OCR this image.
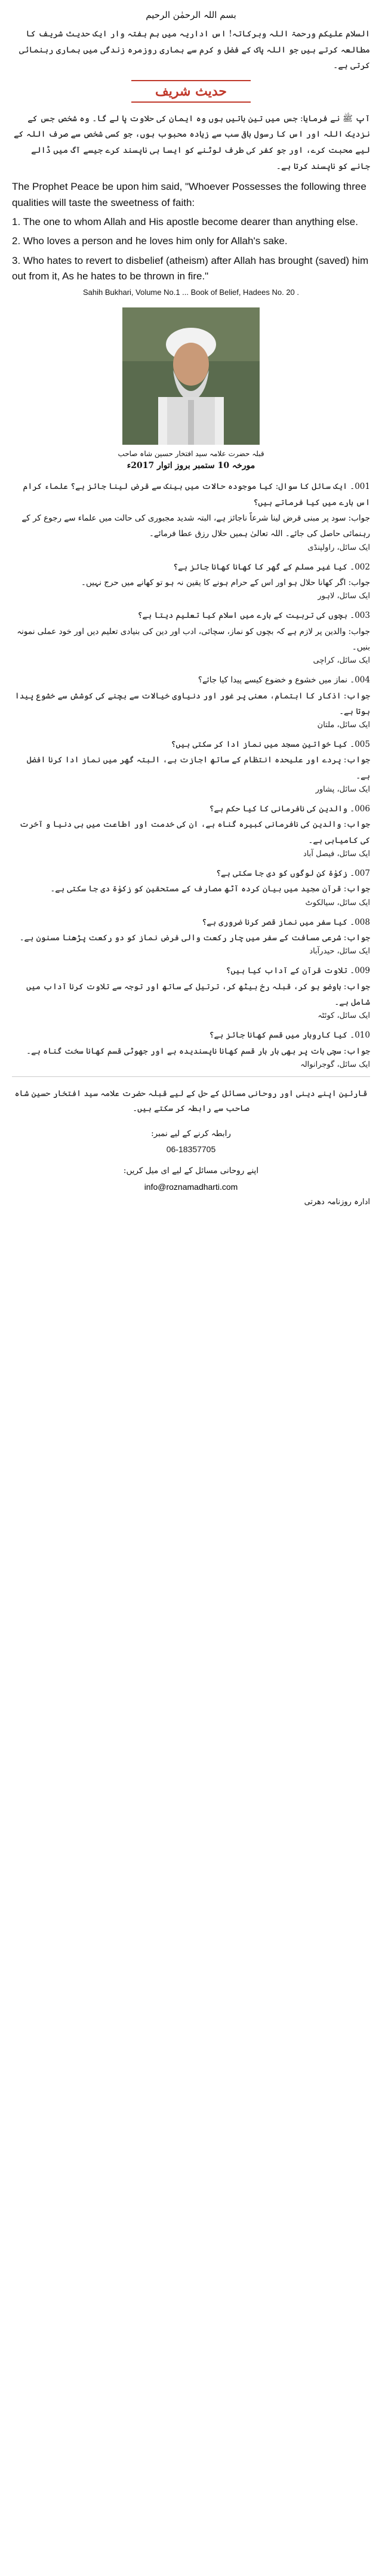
بسم اللہ الرحمٰن الرحیم

السلام علیکم ورحمۃ اللہ وبرکاتہ! اس اداریہ میں ہم ہفتہ وار ایک حدیث شریف کا مطالعہ کرتے ہیں جو اللہ پاک کے فضل و کرم سے ہماری روزمرہ زندگی میں ہماری رہنمائی کرتی ہے۔

حدیث شریف

آپ ﷺ نے فرمایا: جس میں تین باتیں ہوں وہ ایمان کی حلاوت پا لے گا۔ وہ شخص جس کے نزدیک اللہ اور اس کا رسول باقی سب سے زیادہ محبوب ہوں، جو کسی شخص سے صرف اللہ کے لیے محبت کرے، اور جو کفر کی طرف لوٹنے کو ایسا ہی ناپسند کرے جیسے آگ میں ڈالے جانے کو ناپسند کرتا ہے۔

The Prophet Peace be upon him said, "Whoever Possesses the following three qualities will taste the sweetness of faith:

1. The one to whom Allah and His apostle become dearer than anything else.

2. Who loves a person and he loves him only for Allah's sake.

3. Who hates to revert to disbelief (atheism) after Allah has brought (saved) him out from it, As he hates to be thrown in fire."

Sahih Bukhari, Volume No.1 ... Book of Belief, Hadees No. 20 .
قبلہ حضرت علامہ سید افتخار حسین شاہ صاحب
مورخہ 10 ستمبر بروز اتوار 2017ء

001۔ ایک سائل کا سوال: کیا موجودہ حالات میں بینک سے قرض لینا جائز ہے؟ علماء کرام اس بارے میں کیا فرماتے ہیں؟

جواب: سود پر مبنی قرض لینا شرعاً ناجائز ہے، البتہ شدید مجبوری کی حالت میں علماء سے رجوع کر کے رہنمائی حاصل کی جائے۔ اللہ تعالیٰ ہمیں حلال رزق عطا فرمائے۔

ایک سائل، راولپنڈی

002۔ کیا غیر مسلم کے گھر کا کھانا کھانا جائز ہے؟

جواب: اگر کھانا حلال ہو اور اس کے حرام ہونے کا یقین نہ ہو تو کھانے میں حرج نہیں۔

ایک سائل، لاہور

003۔ بچوں کی تربیت کے بارے میں اسلام کیا تعلیم دیتا ہے؟

جواب: والدین پر لازم ہے کہ بچوں کو نماز، سچائی، ادب اور دین کی بنیادی تعلیم دیں اور خود عملی نمونہ بنیں۔

ایک سائل، کراچی

004۔ نماز میں خشوع و خضوع کیسے پیدا کیا جائے؟

جواب: اذکار کا اہتمام، معنی پر غور اور دنیاوی خیالات سے بچنے کی کوشش سے خشوع پیدا ہوتا ہے۔

ایک سائل، ملتان

005۔ کیا خواتین مسجد میں نماز ادا کر سکتی ہیں؟

جواب: پردے اور علیحدہ انتظام کے ساتھ اجازت ہے، البتہ گھر میں نماز ادا کرنا افضل ہے۔

ایک سائل، پشاور

006۔ والدین کی نافرمانی کا کیا حکم ہے؟

جواب: والدین کی نافرمانی کبیرہ گناہ ہے، ان کی خدمت اور اطاعت میں ہی دنیا و آخرت کی کامیابی ہے۔

ایک سائل، فیصل آباد

007۔ زکوٰۃ کن لوگوں کو دی جا سکتی ہے؟

جواب: قرآن مجید میں بیان کردہ آٹھ مصارف کے مستحقین کو زکوٰۃ دی جا سکتی ہے۔

ایک سائل، سیالکوٹ

008۔ کیا سفر میں نماز قصر کرنا ضروری ہے؟

جواب: شرعی مسافت کے سفر میں چار رکعت والی فرض نماز کو دو رکعت پڑھنا مسنون ہے۔

ایک سائل، حیدرآباد

009۔ تلاوت قرآن کے آداب کیا ہیں؟

جواب: باوضو ہو کر، قبلہ رخ بیٹھ کر، ترتیل کے ساتھ اور توجہ سے تلاوت کرنا آداب میں شامل ہے۔

ایک سائل، کوئٹہ

010۔ کیا کاروبار میں قسم کھانا جائز ہے؟

جواب: سچی بات پر بھی بار بار قسم کھانا ناپسندیدہ ہے اور جھوٹی قسم کھانا سخت گناہ ہے۔

ایک سائل، گوجرانوالہ

قارئین اپنے دینی اور روحانی مسائل کے حل کے لیے قبلہ حضرت علامہ سید افتخار حسین شاہ صاحب سے رابطہ کر سکتے ہیں۔
رابطہ کرنے کے لیے نمبر:
06-18357705
اپنے روحانی مسائل کے لیے ای میل کریں:
info@roznamadharti.com
ادارہ روزنامہ دھرتی
